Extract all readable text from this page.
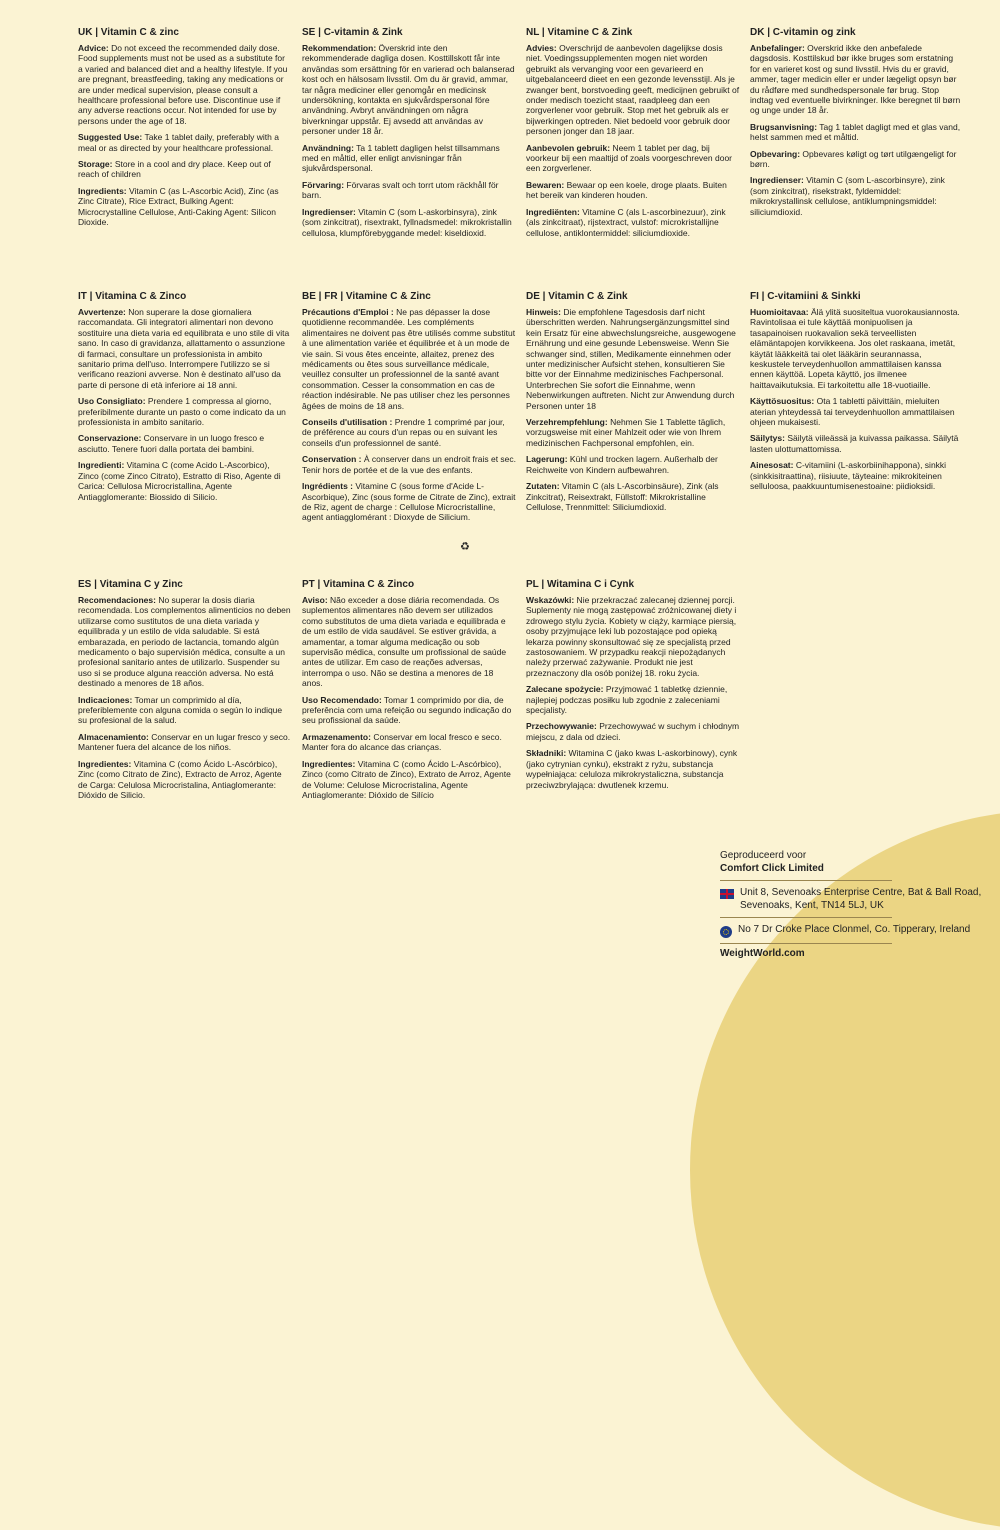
UK | Vitamin C & zinc

Advice: Do not exceed the recommended daily dose. Food supplements must not be used as a substitute for a varied and balanced diet and a healthy lifestyle. If you are pregnant, breastfeeding, taking any medications or are under medical supervision, please consult a healthcare professional before use. Discontinue use if any adverse reactions occur. Not intended for use by persons under the age of 18.

Suggested Use: Take 1 tablet daily, preferably with a meal or as directed by your healthcare professional.

Storage: Store in a cool and dry place. Keep out of reach of children

Ingredients: Vitamin C (as L-Ascorbic Acid), Zinc (as Zinc Citrate), Rice Extract, Bulking Agent: Microcrystalline Cellulose, Anti-Caking Agent: Silicon Dioxide.

SE | C-vitamin & Zink

Rekommendation: Överskrid inte den rekommenderade dagliga dosen. Kosttillskott får inte användas som ersättning för en varierad och balanserad kost och en hälsosam livsstil. Om du är gravid, ammar, tar några mediciner eller genomgår en medicinsk undersökning, kontakta en sjukvårdspersonal före användning. Avbryt användningen om några biverkningar uppstår. Ej avsedd att användas av personer under 18 år.

Användning: Ta 1 tablett dagligen helst tillsammans med en måltid, eller enligt anvisningar från sjukvårdspersonal.

Förvaring: Förvaras svalt och torrt utom räckhåll för barn.

Ingredienser: Vitamin C (som L-askorbinsyra), zink (som zinkcitrat), risextrakt, fyllnadsmedel: mikrokristallin cellulosa, klumpförebyggande medel: kiseldioxid.

NL | Vitamine C & Zink

Advies: Overschrijd de aanbevolen dagelijkse dosis niet. Voedingssupplementen mogen niet worden gebruikt als vervanging voor een gevarieerd en uitgebalanceerd dieet en een gezonde levensstijl. Als je zwanger bent, borstvoeding geeft, medicijnen gebruikt of onder medisch toezicht staat, raadpleeg dan een zorgverlener voor gebruik. Stop met het gebruik als er bijwerkingen optreden. Niet bedoeld voor gebruik door personen jonger dan 18 jaar.

Aanbevolen gebruik: Neem 1 tablet per dag, bij voorkeur bij een maaltijd of zoals voorgeschreven door een zorgverlener.

Bewaren: Bewaar op een koele, droge plaats. Buiten het bereik van kinderen houden.

Ingrediënten: Vitamine C (als L-ascorbinezuur), zink (als zinkcitraat), rijstextract, vulstof: microkristallijne cellulose, antiklontermiddel: siliciumdioxide.

DK | C-vitamin og zink

Anbefalinger: Overskrid ikke den anbefalede dagsdosis. Kosttilskud bør ikke bruges som erstatning for en varieret kost og sund livsstil. Hvis du er gravid, ammer, tager medicin eller er under lægeligt opsyn bør du rådføre med sundhedspersonale før brug. Stop indtag ved eventuelle bivirkninger. Ikke beregnet til børn og unge under 18 år.

Brugsanvisning: Tag 1 tablet dagligt med et glas vand, helst sammen med et måltid.

Opbevaring: Opbevares køligt og tørt utilgængeligt for børn.

Ingredienser: Vitamin C (som L-ascorbinsyre), zink (som zinkcitrat), risekstrakt, fyldemiddel: mikrokrystallinsk cellulose, antiklumpningsmiddel: siliciumdioxid.

IT | Vitamina C & Zinco

Avvertenze: Non superare la dose giornaliera raccomandata. Gli integratori alimentari non devono sostituire una dieta varia ed equilibrata e uno stile di vita sano. In caso di gravidanza, allattamento o assunzione di farmaci, consultare un professionista in ambito sanitario prima dell'uso. Interrompere l'utilizzo se si verificano reazioni avverse. Non è destinato all'uso da parte di persone di età inferiore ai 18 anni.

Uso Consigliato: Prendere 1 compressa al giorno, preferibilmente durante un pasto o come indicato da un professionista in ambito sanitario.

Conservazione: Conservare in un luogo fresco e asciutto. Tenere fuori dalla portata dei bambini.

Ingredienti: Vitamina C (come Acido L-Ascorbico), Zinco (come Zinco Citrato), Estratto di Riso, Agente di Carica: Cellulosa Microcristallina, Agente Antiagglomerante: Biossido di Silicio.

BE | FR | Vitamine C & Zinc

Précautions d'Emploi : Ne pas dépasser la dose quotidienne recommandée. Les compléments alimentaires ne doivent pas être utilisés comme substitut à une alimentation variée et équilibrée et à un mode de vie sain. Si vous êtes enceinte, allaitez, prenez des médicaments ou êtes sous surveillance médicale, veuillez consulter un professionnel de la santé avant consommation. Cesser la consommation en cas de réaction indésirable. Ne pas utiliser chez les personnes âgées de moins de 18 ans.

Conseils d'utilisation : Prendre 1 comprimé par jour, de préférence au cours d'un repas ou en suivant les conseils d'un professionnel de santé.

Conservation : À conserver dans un endroit frais et sec. Tenir hors de portée et de la vue des enfants.

Ingrédients : Vitamine C (sous forme d'Acide L-Ascorbique), Zinc (sous forme de Citrate de Zinc), extrait de Riz, agent de charge : Cellulose Microcristalline, agent antiagglomérant : Dioxyde de Silicium.

DE | Vitamin C & Zink

Hinweis: Die empfohlene Tagesdosis darf nicht überschritten werden. Nahrungsergänzungsmittel sind kein Ersatz für eine abwechslungsreiche, ausgewogene Ernährung und eine gesunde Lebensweise. Wenn Sie schwanger sind, stillen, Medikamente einnehmen oder unter medizinischer Aufsicht stehen, konsultieren Sie bitte vor der Einnahme medizinisches Fachpersonal. Unterbrechen Sie sofort die Einnahme, wenn Nebenwirkungen auftreten. Nicht zur Anwendung durch Personen unter 18

Verzehrempfehlung: Nehmen Sie 1 Tablette täglich, vorzugsweise mit einer Mahlzeit oder wie von Ihrem medizinischen Fachpersonal empfohlen, ein.

Lagerung: Kühl und trocken lagern. Außerhalb der Reichweite von Kindern aufbewahren.

Zutaten: Vitamin C (als L-Ascorbinsäure), Zink (als Zinkcitrat), Reisextrakt, Füllstoff: Mikrokristalline Cellulose, Trennmittel: Siliciumdioxid.

FI | C-vitamiini & Sinkki

Huomioitavaa: Älä ylitä suositeltua vuorokausiannosta. Ravintolisaa ei tule käyttää monipuolisen ja tasapainoisen ruokavalion sekä terveellisten elämäntapojen korvikkeena. Jos olet raskaana, imetät, käytät lääkkeitä tai olet lääkärin seurannassa, keskustele terveydenhuollon ammattilaisen kanssa ennen käyttöä. Lopeta käyttö, jos ilmenee haittavaikutuksia. Ei tarkoitettu alle 18-vuotiaille.

Käyttösuositus: Ota 1 tabletti päivittäin, mieluiten aterian yhteydessä tai terveydenhuollon ammattilaisen ohjeen mukaisesti.

Säilytys: Säilytä viileässä ja kuivassa paikassa. Säilytä lasten ulottumattomissa.

Ainesosat: C-vitamiini (L-askorbiinihappona), sinkki (sinkkisitraattina), riisiuute, täyteaine: mikrokiteinen selluloosa, paakkuuntumisenestoaine: piidioksidi.

ES | Vitamina C y Zinc

Recomendaciones: No superar la dosis diaria recomendada. Los complementos alimenticios no deben utilizarse como sustitutos de una dieta variada y equilibrada y un estilo de vida saludable. Si está embarazada, en periodo de lactancia, tomando algún medicamento o bajo supervisión médica, consulte a un profesional sanitario antes de utilizarlo. Suspender su uso si se produce alguna reacción adversa. No está destinado a menores de 18 años.

Indicaciones: Tomar un comprimido al día, preferiblemente con alguna comida o según lo indique su profesional de la salud.

Almacenamiento: Conservar en un lugar fresco y seco. Mantener fuera del alcance de los niños.

Ingredientes: Vitamina C (como Ácido L-Ascórbico), Zinc (como Citrato de Zinc), Extracto de Arroz, Agente de Carga: Celulosa Microcristalina, Antiaglomerante: Dióxido de Silicio.

PT | Vitamina C & Zinco

Aviso: Não exceder a dose diária recomendada. Os suplementos alimentares não devem ser utilizados como substitutos de uma dieta variada e equilibrada e de um estilo de vida saudável. Se estiver grávida, a amamentar, a tomar alguma medicação ou sob supervisão médica, consulte um profissional de saúde antes de utilizar. Em caso de reações adversas, interrompa o uso. Não se destina a menores de 18 anos.

Uso Recomendado: Tomar 1 comprimido por dia, de preferência com uma refeição ou segundo indicação do seu profissional da saúde.

Armazenamento: Conservar em local fresco e seco. Manter fora do alcance das crianças.

Ingredientes: Vitamina C (como Ácido L-Ascórbico), Zinco (como Citrato de Zinco), Extrato de Arroz, Agente de Volume: Celulose Microcristalina, Agente Antiaglomerante: Dióxido de Silício

PL | Witamina C i Cynk

Wskazówki: Nie przekraczać zalecanej dziennej porcji. Suplementy nie mogą zastępować zróżnicowanej diety i zdrowego stylu życia. Kobiety w ciąży, karmiące piersią, osoby przyjmujące leki lub pozostające pod opieką lekarza powinny skonsultować się ze specjalistą przed zastosowaniem. W przypadku reakcji niepożądanych należy przerwać zażywanie. Produkt nie jest przeznaczony dla osób poniżej 18. roku życia.

Zalecane spożycie: Przyjmować 1 tabletkę dziennie, najlepiej podczas posiłku lub zgodnie z zaleceniami specjalisty.

Przechowywanie: Przechowywać w suchym i chłodnym miejscu, z dala od dzieci.

Składniki: Witamina C (jako kwas L-askorbinowy), cynk (jako cytrynian cynku), ekstrakt z ryżu, substancja wypełniająca: celuloza mikrokrystaliczna, substancja przeciwzbrylająca: dwutlenek krzemu.

♻
Geproduceerd voor
Comfort Click Limited
Unit 8, Sevenoaks Enterprise Centre, Bat & Ball Road, Sevenoaks, Kent, TN14 5LJ, UK
No 7 Dr Croke Place Clonmel, Co. Tipperary, Ireland
WeightWorld.com
